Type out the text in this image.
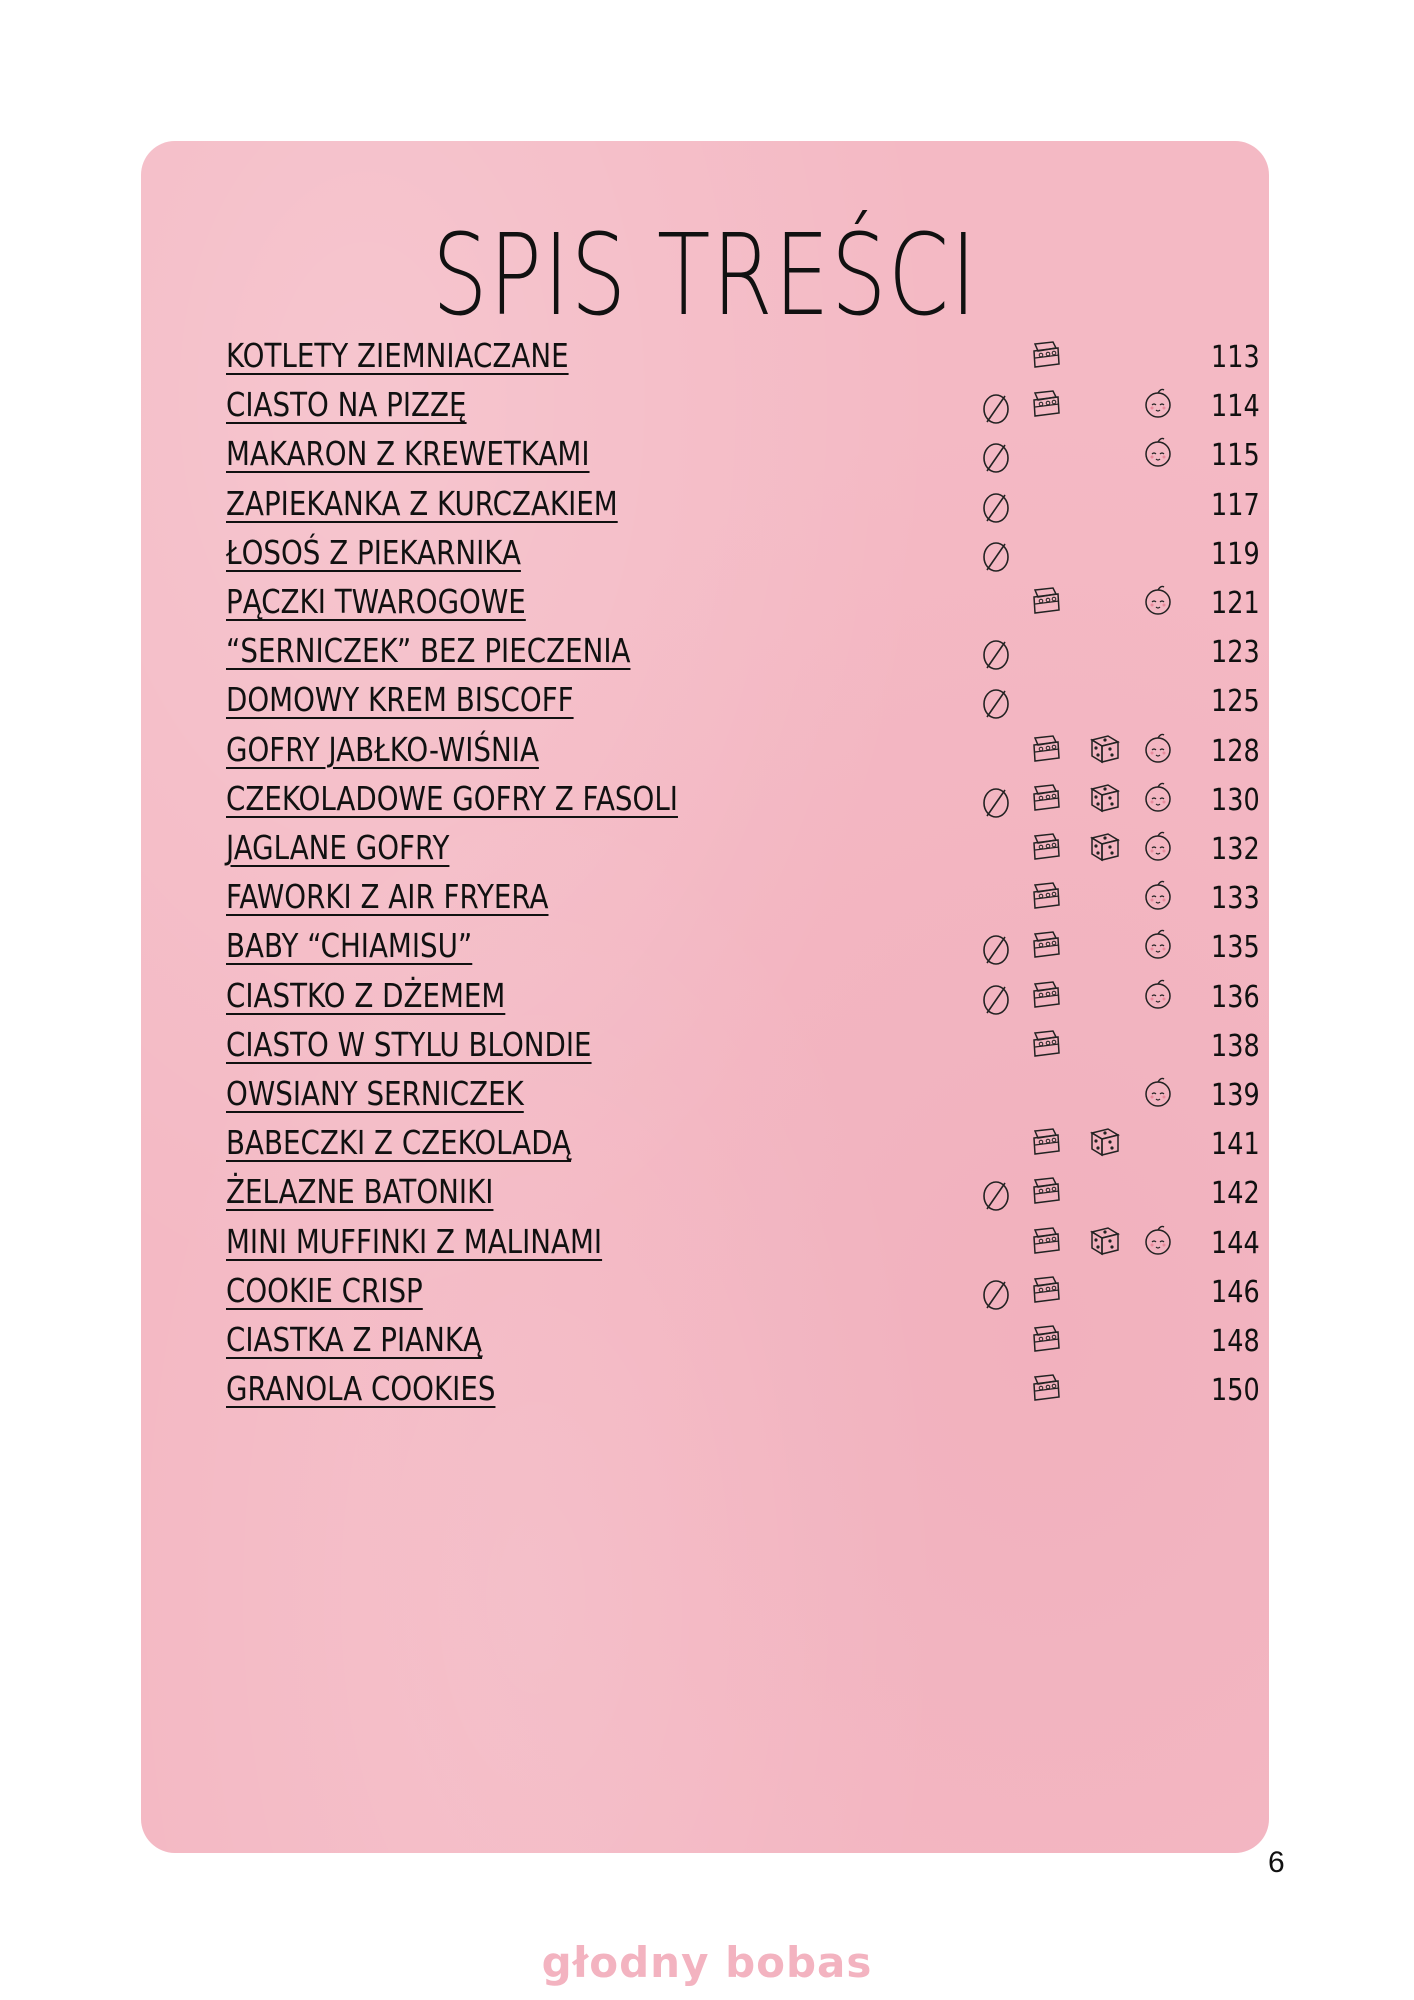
SPIS TREŚCI
KOTLETY ZIEMNIACZANE	113
CIASTO NA PIZZĘ	114
MAKARON Z KREWETKAMI	115
ZAPIEKANKA Z KURCZAKIEM	117
ŁOSOŚ Z PIEKARNIKA	119
PĄCZKI TWAROGOWE	121
“SERNICZEK” BEZ PIECZENIA	123
DOMOWY KREM BISCOFF	125
GOFRY JABŁKO-WIŚNIA	128
CZEKOLADOWE GOFRY Z FASOLI	130
JAGLANE GOFRY	132
FAWORKI Z AIR FRYERA	133
BABY “CHIAMISU”	135
CIASTKO Z DŻEMEM	136
CIASTO W STYLU BLONDIE	138
OWSIANY SERNICZEK	139
BABECZKI Z CZEKOLADĄ	141
ŻELAZNE BATONIKI	142
MINI MUFFINKI Z MALINAMI	144
COOKIE CRISP	146
CIASTKA Z PIANKĄ	148
GRANOLA COOKIES	150
6
głodny bobas
